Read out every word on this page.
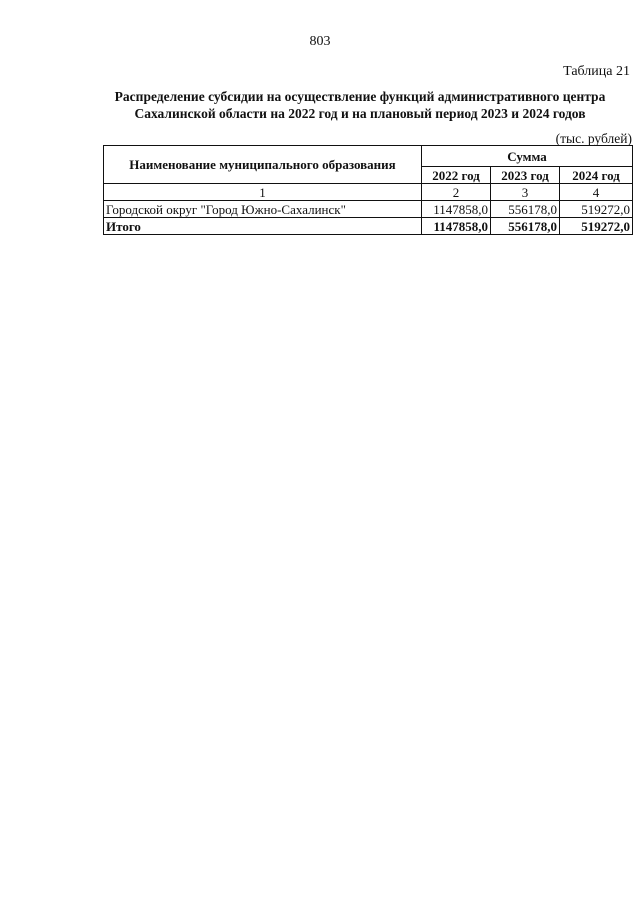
803
Таблица 21
Распределение субсидии на осуществление функций административного центра
Сахалинской области на 2022 год и на плановый период 2023 и 2024 годов
(тыс. рублей)
Наименование муниципального образования	Сумма		
	2022 год	2023 год	2024 год
1	2	3	4
Городской округ "Город Южно-Сахалинск"	1147858,0	556178,0	519272,0
Итого	1147858,0	556178,0	519272,0
